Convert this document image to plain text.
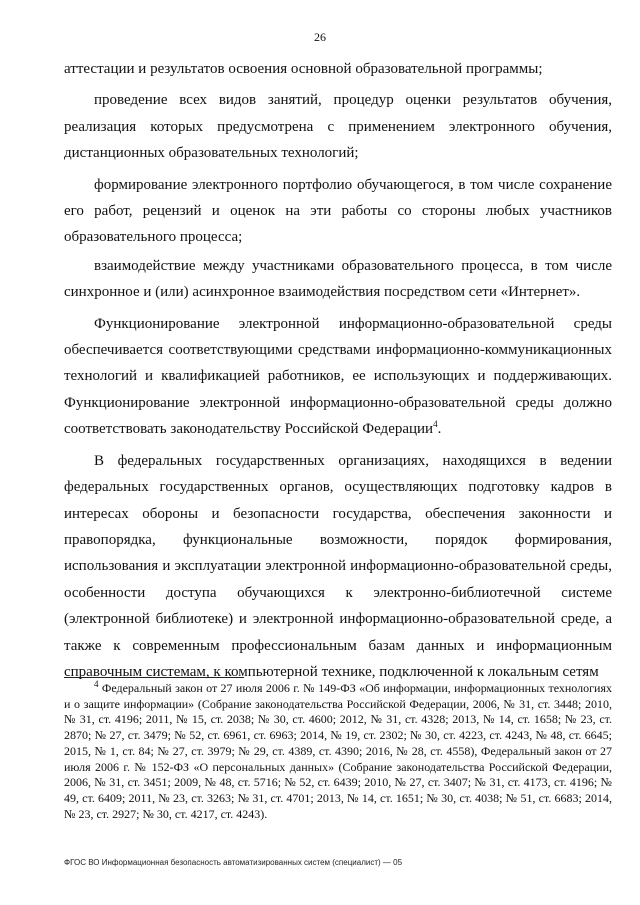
26

аттестации и результатов освоения основной образовательной программы;

проведение всех видов занятий, процедур оценки результатов обучения, реализация которых предусмотрена с применением электронного обучения, дистанционных образовательных технологий;

формирование электронного портфолио обучающегося, в том числе сохранение его работ, рецензий и оценок на эти работы со стороны любых участников образовательного процесса;

взаимодействие между участниками образовательного процесса, в том числе синхронное и (или) асинхронное взаимодействия посредством сети «Интернет».

Функционирование электронной информационно-образовательной среды обеспечивается соответствующими средствами информационно-коммуникационных технологий и квалификацией работников, ее использующих и поддерживающих. Функционирование электронной информационно-образовательной среды должно соответствовать законодательству Российской Федерации$^4$.

В федеральных государственных организациях, находящихся в ведении федеральных государственных органов, осуществляющих подготовку кадров в интересах обороны и безопасности государства, обеспечения законности и правопорядка, функциональные возможности, порядок формирования, использования и эксплуатации электронной информационно-образовательной среды, особенности доступа обучающихся к электронно-библиотечной системе (электронной библиотеке) и электронной информационно-образовательной среде, а также к современным профессиональным базам данных и информационным справочным системам, к компьютерной технике, подключенной к локальным сетям

$^4$ Федеральный закон от 27 июля 2006 г. № 149-ФЗ «Об информации, информационных технологиях и о защите информации» (Собрание законодательства Российской Федерации, 2006, № 31, ст. 3448; 2010, № 31, ст. 4196; 2011, № 15, ст. 2038; № 30, ст. 4600; 2012, № 31, ст. 4328; 2013, № 14, ст. 1658; № 23, ст. 2870; № 27, ст. 3479; № 52, ст. 6961, ст. 6963; 2014, № 19, ст. 2302; № 30, ст. 4223, ст. 4243, № 48, ст. 6645; 2015, № 1, ст. 84; № 27, ст. 3979; № 29, ст. 4389, ст. 4390; 2016, № 28, ст. 4558), Федеральный закон от 27 июля 2006 г. № 152-ФЗ «О персональных данных» (Собрание законодательства Российской Федерации, 2006, № 31, ст. 3451; 2009, № 48, ст. 5716; № 52, ст. 6439; 2010, № 27, ст. 3407; № 31, ст. 4173, ст. 4196; № 49, ст. 6409; 2011, № 23, ст. 3263; № 31, ст. 4701; 2013, № 14, ст. 1651; № 30, ст. 4038; № 51, ст. 6683; 2014, № 23, ст. 2927; № 30, ст. 4217, ст. 4243).

ФГОС ВО Информационная безопасность автоматизированных систем (специалист) — 05
